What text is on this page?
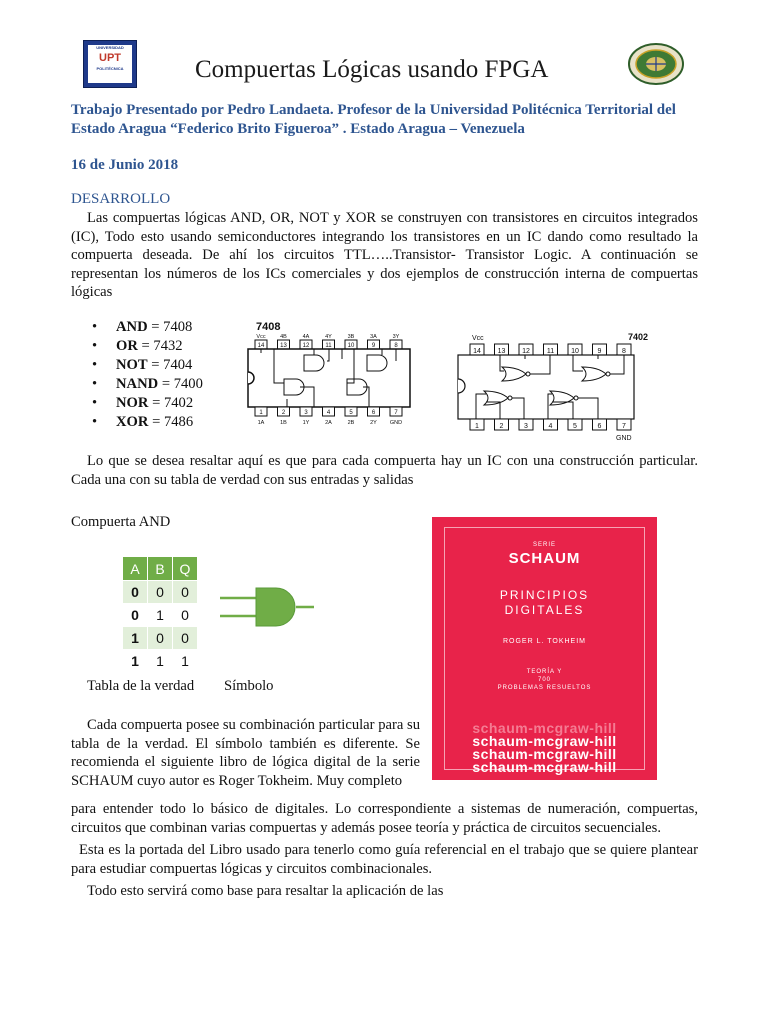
UNIVERSIDAD
UPT
POLITÉCNICA	Compuertas Lógicas usando FPGA
Trabajo Presentado por Pedro Landaeta. Profesor de la Universidad Politécnica Territorial del Estado Aragua “Federico Brito Figueroa” . Estado Aragua – Venezuela
16 de Junio 2018
DESARROLLO
Las compuertas lógicas AND, OR, NOT y XOR se construyen con transistores en circuitos integrados (IC), Todo esto usando semiconductores integrando los transistores en un IC dando como resultado la compuerta deseada. De ahí los circuitos TTL…..Transistor- Transistor Logic. A continuación se representan los números de los ICs comerciales y dos ejemplos de construcción interna de compuertas lógicas
• AND = 7408
• OR = 7432
• NOT = 7404
• NAND = 7400
• NOR = 7402
• XOR = 7486
7408
Vcc	4B	4A	4Y	3B	3A	3Y
14	13	12	11	10	9	8
1	2	3	4	5	6	7
1A	1B	1Y	2A	2B	2Y GND
Vcc	7402
14 13 12 11 10	9	8
1	2	3	4	5	6	7
GND
Lo que se desea resaltar aquí es que para cada compuerta hay un IC con una construcción particular. Cada una con su tabla de verdad con sus entradas y salidas
Compuerta AND
A	B	Q
0	0	0
0	1	0
1	0	0
1	1	1
Tabla de la verdad Símbolo
SERIE
SCHAUM
PRINCIPIOS
DIGITALES
ROGER L. TOKHEIM
TEORÍA Y
700
PROBLEMAS RESUELTOS
schaum-mcgraw-hill
schaum-mcgraw-hill
schaum-mcgraw-hill
schaum-mcgraw-hill
Cada compuerta posee su combinación particular para su tabla de la verdad. El símbolo también es diferente. Se recomienda el siguiente libro de lógica digital de la serie SCHAUM cuyo autor es Roger Tokheim. Muy completo
para entender todo lo básico de digitales. Lo correspondiente a sistemas de numeración, compuertas, circuitos que combinan varias compuertas y además posee teoría y práctica de circuitos secuenciales.
Esta es la portada del Libro usado para tenerlo como guía referencial en el trabajo que se quiere plantear para estudiar compuertas lógicas y circuitos combinacionales.
Todo esto servirá como base para resaltar la aplicación de las
